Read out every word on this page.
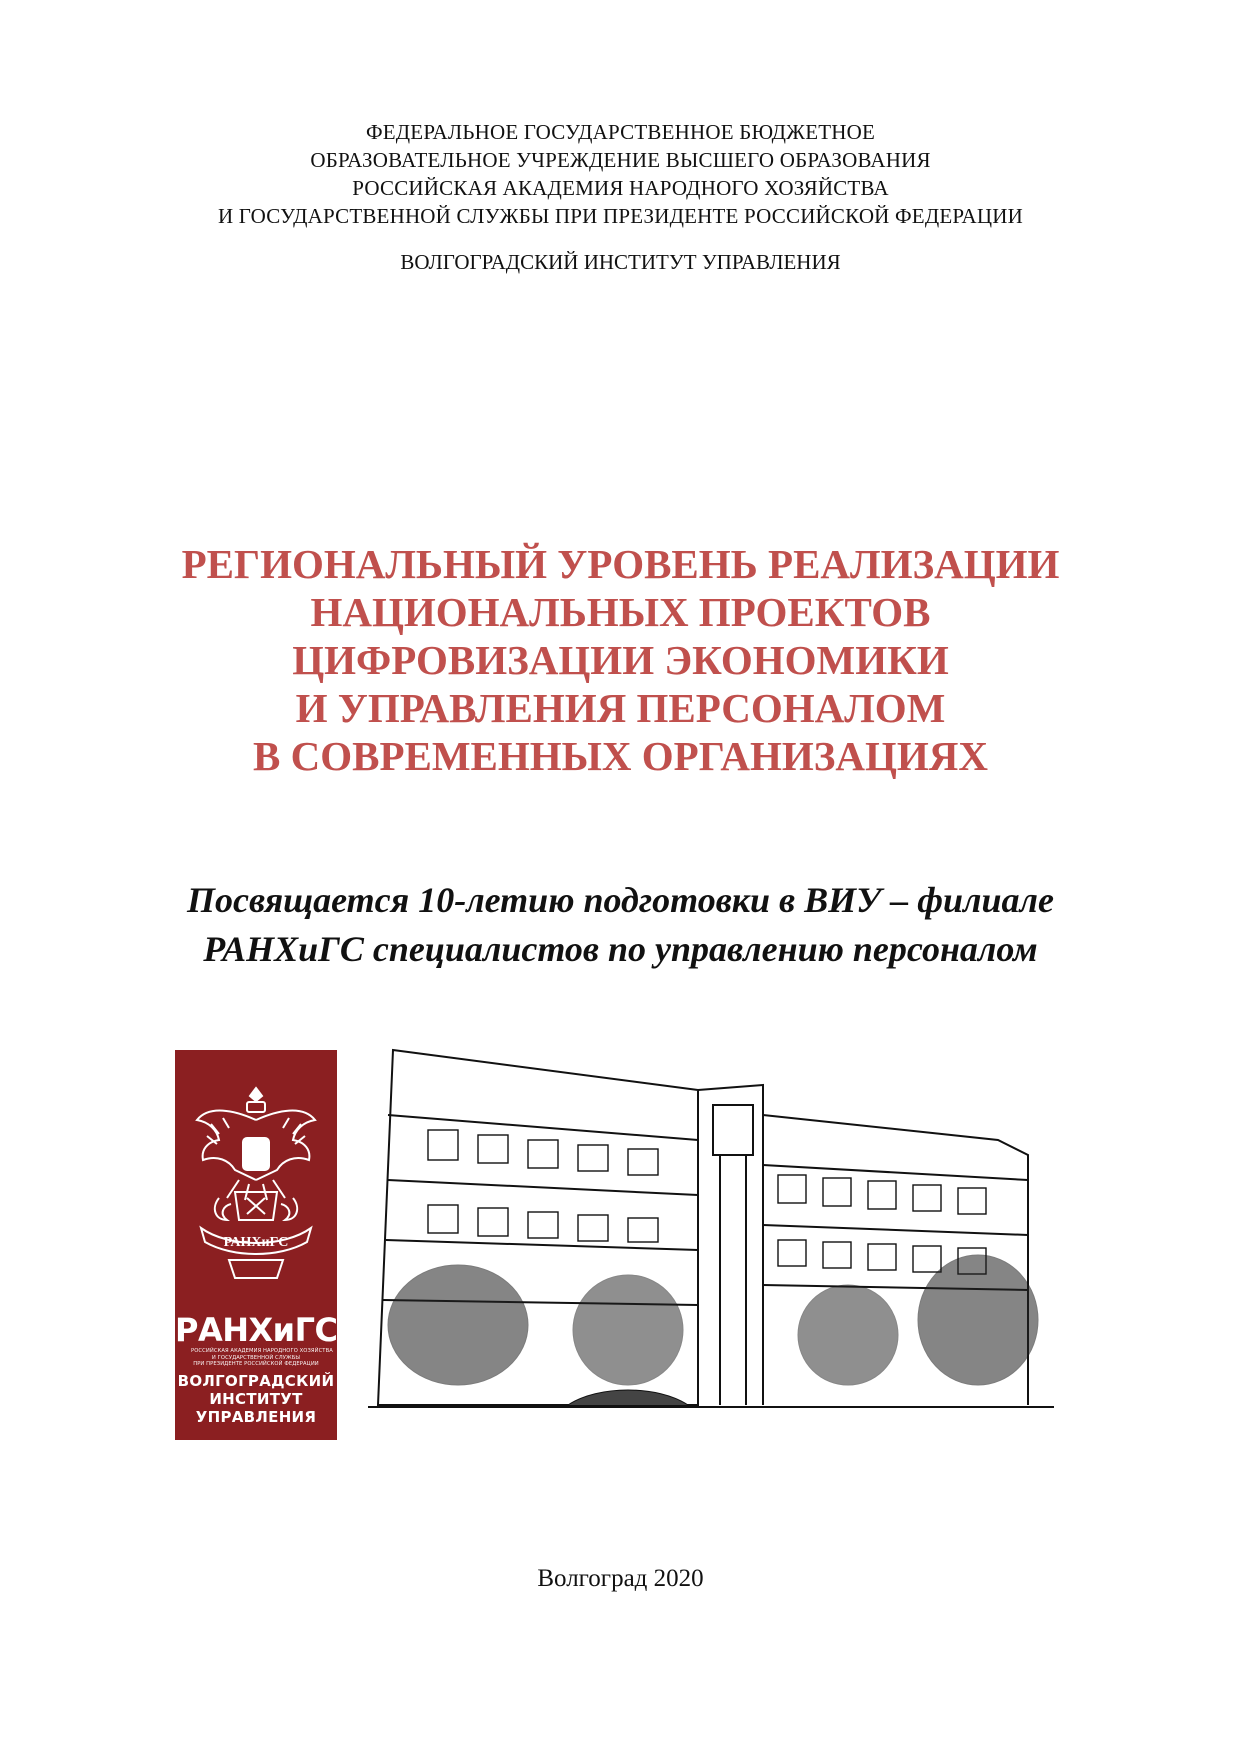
ФЕДЕРАЛЬНОЕ ГОСУДАРСТВЕННОЕ БЮДЖЕТНОЕ
ОБРАЗОВАТЕЛЬНОЕ УЧРЕЖДЕНИЕ ВЫСШЕГО ОБРАЗОВАНИЯ
РОССИЙСКАЯ АКАДЕМИЯ НАРОДНОГО ХОЗЯЙСТВА
И ГОСУДАРСТВЕННОЙ СЛУЖБЫ ПРИ ПРЕЗИДЕНТЕ РОССИЙСКОЙ ФЕДЕРАЦИИ
ВОЛГОГРАДСКИЙ ИНСТИТУТ УПРАВЛЕНИЯ
РЕГИОНАЛЬНЫЙ УРОВЕНЬ РЕАЛИЗАЦИИ
НАЦИОНАЛЬНЫХ ПРОЕКТОВ
ЦИФРОВИЗАЦИИ ЭКОНОМИКИ
И УПРАВЛЕНИЯ ПЕРСОНАЛОМ
В СОВРЕМЕННЫХ ОРГАНИЗАЦИЯХ
Посвящается 10-летию подготовки в ВИУ – филиале
РАНХиГС специалистов по управлению персоналом
РАНХиГС
РАНХиГС
РОССИЙСКАЯ АКАДЕМИЯ НАРОДНОГО ХОЗЯЙСТВА
И ГОСУДАРСТВЕННОЙ СЛУЖБЫ
ПРИ ПРЕЗИДЕНТЕ РОССИЙСКОЙ ФЕДЕРАЦИИ
ВОЛГОГРАДСКИЙ
ИНСТИТУТ
УПРАВЛЕНИЯ
Волгоград 2020
